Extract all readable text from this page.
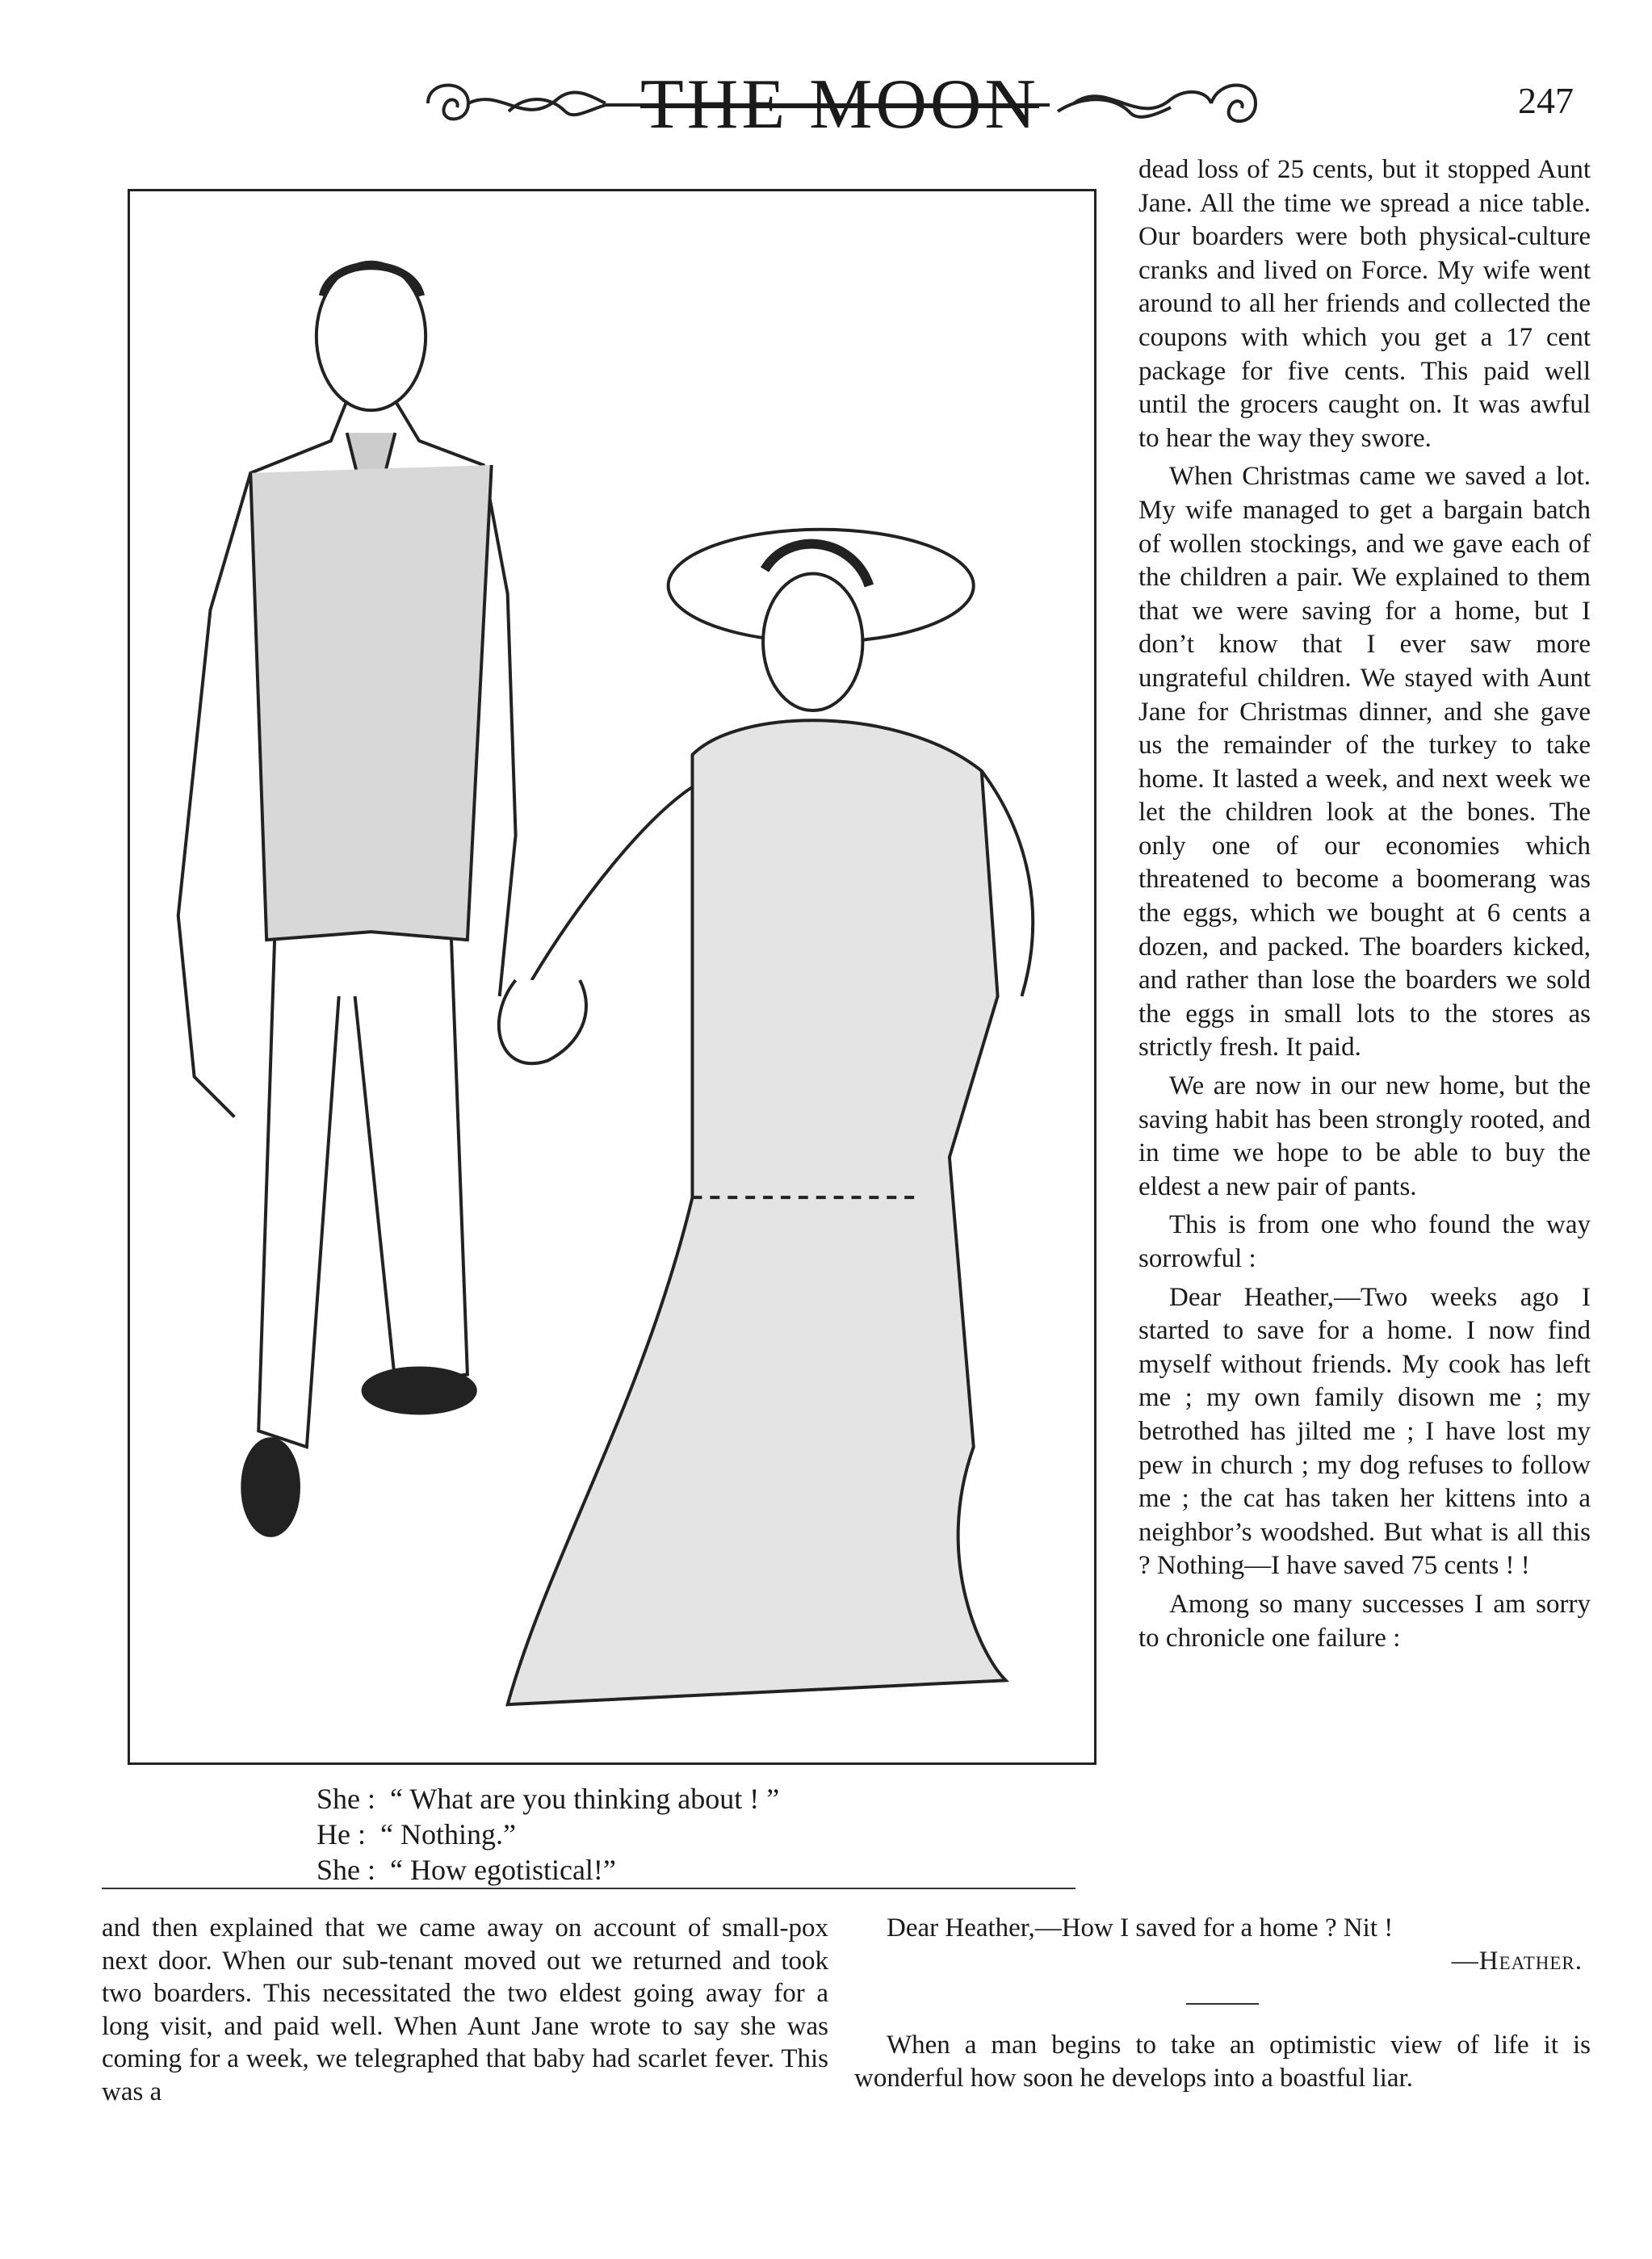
THE MOON	247
She :  “ What are you thinking about ! ”
He :  “ Nothing.”
She :  “ How egotistical!”

dead loss of 25 cents, but it stopped Aunt Jane. All the time we spread a nice table. Our boarders were both physical-culture cranks and lived on Force. My wife went around to all her friends and collected the coupons with which you get a 17 cent package for five cents. This paid well until the grocers caught on. It was awful to hear the way they swore.

When Christmas came we saved a lot. My wife managed to get a bargain batch of wollen stockings, and we gave each of the children a pair. We explained to them that we were saving for a home, but I don’t know that I ever saw more ungrateful children. We stayed with Aunt Jane for Christmas dinner, and she gave us the remainder of the turkey to take home. It lasted a week, and next week we let the children look at the bones. The only one of our economies which threatened to become a boomerang was the eggs, which we bought at 6 cents a dozen, and packed. The boarders kicked, and rather than lose the boarders we sold the eggs in small lots to the stores as strictly fresh. It paid.

We are now in our new home, but the saving habit has been strongly rooted, and in time we hope to be able to buy the eldest a new pair of pants.

This is from one who found the way sorrowful :

Dear Heather,—Two weeks ago I started to save for a home. I now find myself without friends. My cook has left me ; my own family disown me ; my betrothed has jilted me ; I have lost my pew in church ; my dog refuses to follow me ; the cat has taken her kittens into a neighbor’s woodshed. But what is all this ? Nothing—I have saved 75 cents ! !

Among so many successes I am sorry to chronicle one failure :

and then explained that we came away on account of small-pox next door. When our sub-tenant moved out we returned and took two boarders. This necessitated the two eldest going away for a long visit, and paid well. When Aunt Jane wrote to say she was coming for a week, we telegraphed that baby had scarlet fever. This was a

Dear Heather,—How I saved for a home ? Nit !

—Heather.

When a man begins to take an optimistic view of life it is wonderful how soon he develops into a boastful liar.
